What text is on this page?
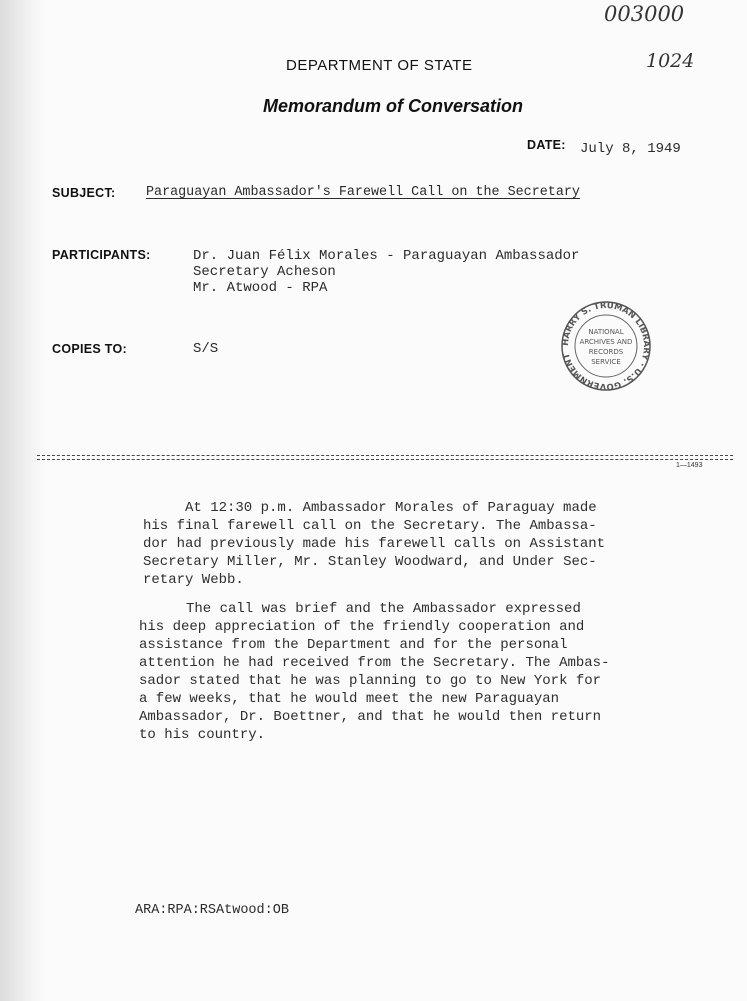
003000
1024
DEPARTMENT OF STATE
Memorandum of Conversation
DATE: July 8, 1949
SUBJECT: Paraguayan Ambassador's Farewell Call on the Secretary
PARTICIPANTS:	Dr. Juan Félix Morales - Paraguayan Ambassador
Secretary Acheson
Mr. Atwood - RPA
COPIES TO:	S/S	HARRY S. TRUMAN LIBRARY · U.S. GOVERNMENT
NATIONAL
ARCHIVES AND
RECORDS
SERVICE
1—1493
At 12:30 p.m. Ambassador Morales of Paraguay made
his final farewell call on the Secretary. The Ambassa-
dor had previously made his farewell calls on Assistant
Secretary Miller, Mr. Stanley Woodward, and Under Sec-
retary Webb.
The call was brief and the Ambassador expressed
his deep appreciation of the friendly cooperation and
assistance from the Department and for the personal
attention he had received from the Secretary. The Ambas-
sador stated that he was planning to go to New York for
a few weeks, that he would meet the new Paraguayan
Ambassador, Dr. Boettner, and that he would then return
to his country.
ARA:RPA:RSAtwood:OB
